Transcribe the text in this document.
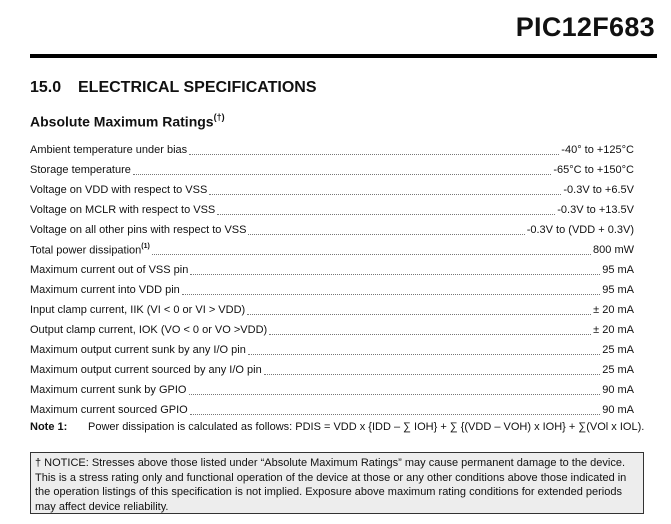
PIC12F683
15.0 ELECTRICAL SPECIFICATIONS
Absolute Maximum Ratings(†)
Ambient temperature under bias	-40° to +125°C
Storage temperature	-65°C to +150°C
Voltage on VDD with respect to VSS	-0.3V to +6.5V
Voltage on MCLR with respect to VSS	-0.3V to +13.5V
Voltage on all other pins with respect to VSS	-0.3V to (VDD + 0.3V)
Total power dissipation$^{(1)}$	800 mW
Maximum current out of VSS pin	95 mA
Maximum current into VDD pin	95 mA
Input clamp current, IIK (VI < 0 or VI > VDD)	± 20 mA
Output clamp current, IOK (VO < 0 or VO >VDD)	± 20 mA
Maximum output current sunk by any I/O pin	25 mA
Maximum output current sourced by any I/O pin	25 mA
Maximum current sunk by GPIO	90 mA
Maximum current sourced GPIO	90 mA
Note 1: Power dissipation is calculated as follows: PDIS = VDD x {IDD – ∑ IOH} + ∑ {(VDD – VOH) x IOH} + ∑(VOl x IOL).
† NOTICE: Stresses above those listed under “Absolute Maximum Ratings” may cause permanent damage to the device. This is a stress rating only and functional operation of the device at those or any other conditions above those indicated in the operation listings of this specification is not implied. Exposure above maximum rating conditions for extended periods may affect device reliability.
